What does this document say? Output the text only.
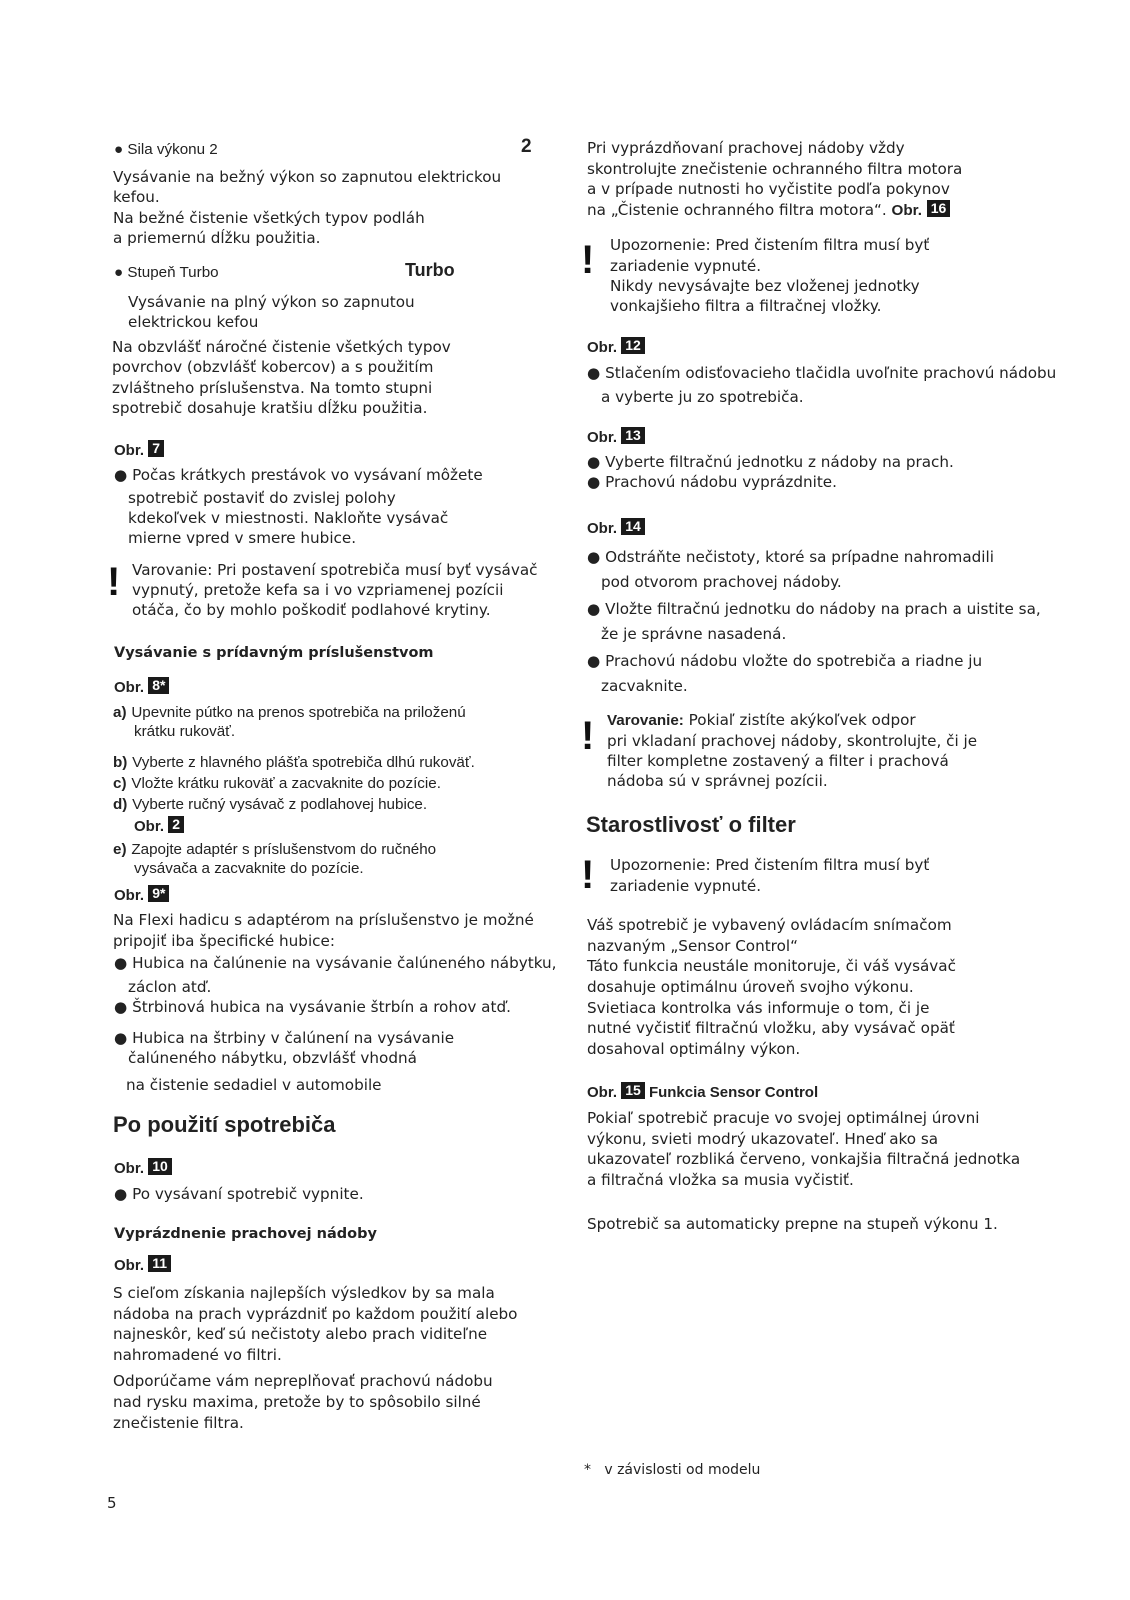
● Sila výkonu 2	2
Vysávanie na bežný výkon so zapnutou elektrickou
kefou.
Na bežné čistenie všetkých typov podláh
a priemernú dĺžku použitia.
● Stupeň Turbo	Turbo
Vysávanie na plný výkon so zapnutou
elektrickou kefou
Na obzvlášť náročné čistenie všetkých typov
povrchov (obzvlášť kobercov) a s použitím
zvláštneho príslušenstva. Na tomto stupni
spotrebič dosahuje kratšiu dĺžku použitia.
Obr. 7
● Počas krátkych prestávok vo vysávaní môžete
spotrebič postaviť do zvislej polohy
kdekoľvek v miestnosti. Nakloňte vysávač
mierne vpred v smere hubice.
! Varovanie: Pri postavení spotrebiča musí byť vysávač
vypnutý, pretože kefa sa i vo vzpriamenej pozícii
otáča, čo by mohlo poškodiť podlahové krytiny.
Vysávanie s prídavným príslušenstvom
Obr. 8*
a) Upevnite pútko na prenos spotrebiča na priloženú
krátku rukoväť.
b) Vyberte z hlavného plášťa spotrebiča dlhú rukoväť.
c) Vložte krátku rukoväť a zacvaknite do pozície.
d) Vyberte ručný vysávač z podlahovej hubice.
Obr. 2
e) Zapojte adaptér s príslušenstvom do ručného
vysávača a zacvaknite do pozície.
Obr. 9*
Na Flexi hadicu s adaptérom na príslušenstvo je možné
pripojiť iba špecifické hubice:
● Hubica na čalúnenie na vysávanie čalúneného nábytku,
záclon atď.
● Štrbinová hubica na vysávanie štrbín a rohov atď.
● Hubica na štrbiny v čalúnení na vysávanie
čalúneného nábytku, obzvlášť vhodná
na čistenie sedadiel v automobile
Po použití spotrebiča
Obr. 10
● Po vysávaní spotrebič vypnite.
Vyprázdnenie prachovej nádoby
Obr. 11
S cieľom získania najlepších výsledkov by sa mala
nádoba na prach vyprázdniť po každom použití alebo
najneskôr, keď sú nečistoty alebo prach viditeľne
nahromadené vo filtri.
Odporúčame vám nepreplňovať prachovú nádobu
nad rysku maxima, pretože by to spôsobilo silné
znečistenie filtra.
Pri vyprázdňovaní prachovej nádoby vždy
skontrolujte znečistenie ochranného filtra motora
a v prípade nutnosti ho vyčistite podľa pokynov
na „Čistenie ochranného filtra motora“. Obr. 16
! Upozornenie: Pred čistením filtra musí byť
zariadenie vypnuté.
Nikdy nevysávajte bez vloženej jednotky
vonkajšieho filtra a filtračnej vložky.
Obr. 12
● Stlačením odisťovacieho tlačidla uvoľnite prachovú nádobu
a vyberte ju zo spotrebiča.
Obr. 13
● Vyberte filtračnú jednotku z nádoby na prach.
● Prachovú nádobu vyprázdnite.
Obr. 14
● Odstráňte nečistoty, ktoré sa prípadne nahromadili
pod otvorom prachovej nádoby.
● Vložte filtračnú jednotku do nádoby na prach a uistite sa,
že je správne nasadená.
● Prachovú nádobu vložte do spotrebiča a riadne ju
zacvaknite.
! Varovanie: Pokiaľ zistíte akýkoľvek odpor
pri vkladaní prachovej nádoby, skontrolujte, či je
filter kompletne zostavený a filter i prachová
nádoba sú v správnej pozícii.
Starostlivosť o filter
! Upozornenie: Pred čistením filtra musí byť
zariadenie vypnuté.
Váš spotrebič je vybavený ovládacím snímačom
nazvaným „Sensor Control“
Táto funkcia neustále monitoruje, či váš vysávač
dosahuje optimálnu úroveň svojho výkonu.
Svietiaca kontrolka vás informuje o tom, či je
nutné vyčistiť filtračnú vložku, aby vysávač opäť
dosahoval optimálny výkon.
Obr. 15 Funkcia Sensor Control
Pokiaľ spotrebič pracuje vo svojej optimálnej úrovni
výkonu, svieti modrý ukazovateľ. Hneď ako sa
ukazovateľ rozbliká červeno, vonkajšia filtračná jednotka
a filtračná vložka sa musia vyčistiť.
Spotrebič sa automaticky prepne na stupeň výkonu 1.
*   v závislosti od modelu
5
